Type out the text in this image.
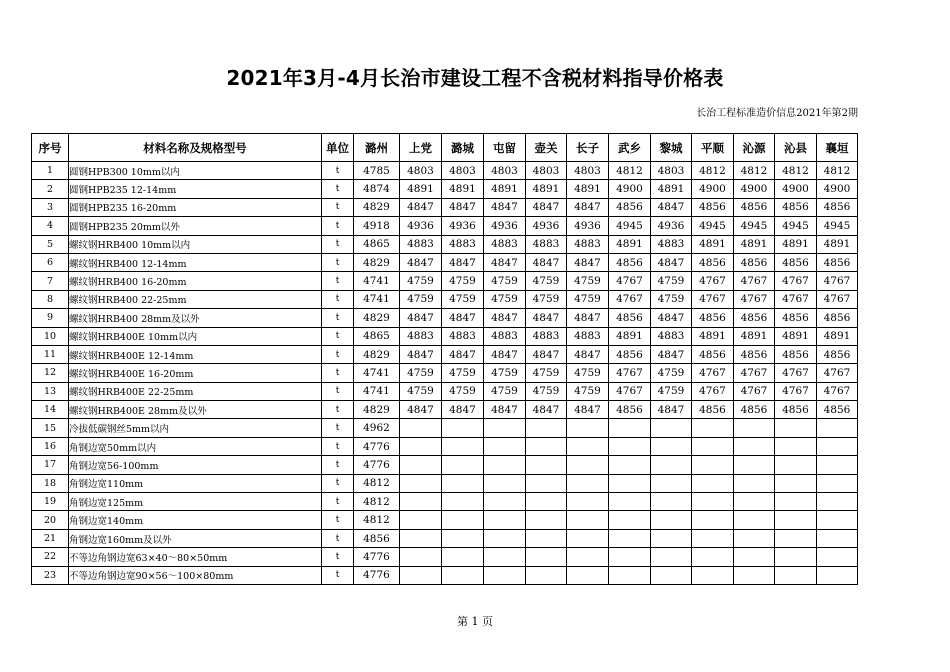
2021年3月-4月长治市建设工程不含税材料指导价格表
长治工程标准造价信息2021年第2期
序号	材料名称及规格型号	单位	潞州	上党	潞城	屯留	壶关	长子	武乡	黎城	平顺	沁源	沁县	襄垣
1	圆钢HPB300 10mm以内	t	4785	4803	4803	4803	4803	4803	4812	4803	4812	4812	4812	4812
2	圆钢HPB235 12-14mm	t	4874	4891	4891	4891	4891	4891	4900	4891	4900	4900	4900	4900
3	圆钢HPB235 16-20mm	t	4829	4847	4847	4847	4847	4847	4856	4847	4856	4856	4856	4856
4	圆钢HPB235 20mm以外	t	4918	4936	4936	4936	4936	4936	4945	4936	4945	4945	4945	4945
5	螺纹钢HRB400 10mm以内	t	4865	4883	4883	4883	4883	4883	4891	4883	4891	4891	4891	4891
6	螺纹钢HRB400 12-14mm	t	4829	4847	4847	4847	4847	4847	4856	4847	4856	4856	4856	4856
7	螺纹钢HRB400 16-20mm	t	4741	4759	4759	4759	4759	4759	4767	4759	4767	4767	4767	4767
8	螺纹钢HRB400 22-25mm	t	4741	4759	4759	4759	4759	4759	4767	4759	4767	4767	4767	4767
9	螺纹钢HRB400 28mm及以外	t	4829	4847	4847	4847	4847	4847	4856	4847	4856	4856	4856	4856
10	螺纹钢HRB400E 10mm以内	t	4865	4883	4883	4883	4883	4883	4891	4883	4891	4891	4891	4891
11	螺纹钢HRB400E 12-14mm	t	4829	4847	4847	4847	4847	4847	4856	4847	4856	4856	4856	4856
12	螺纹钢HRB400E 16-20mm	t	4741	4759	4759	4759	4759	4759	4767	4759	4767	4767	4767	4767
13	螺纹钢HRB400E 22-25mm	t	4741	4759	4759	4759	4759	4759	4767	4759	4767	4767	4767	4767
14	螺纹钢HRB400E 28mm及以外	t	4829	4847	4847	4847	4847	4847	4856	4847	4856	4856	4856	4856
15	冷拔低碳钢丝5mm以内	t	4962											
16	角钢边宽50mm以内	t	4776											
17	角钢边宽56-100mm	t	4776											
18	角钢边宽110mm	t	4812											
19	角钢边宽125mm	t	4812											
20	角钢边宽140mm	t	4812											
21	角钢边宽160mm及以外	t	4856											
22	不等边角钢边宽63×40～80×50mm	t	4776											
23	不等边角钢边宽90×56～100×80mm	t	4776											
第 1 页
